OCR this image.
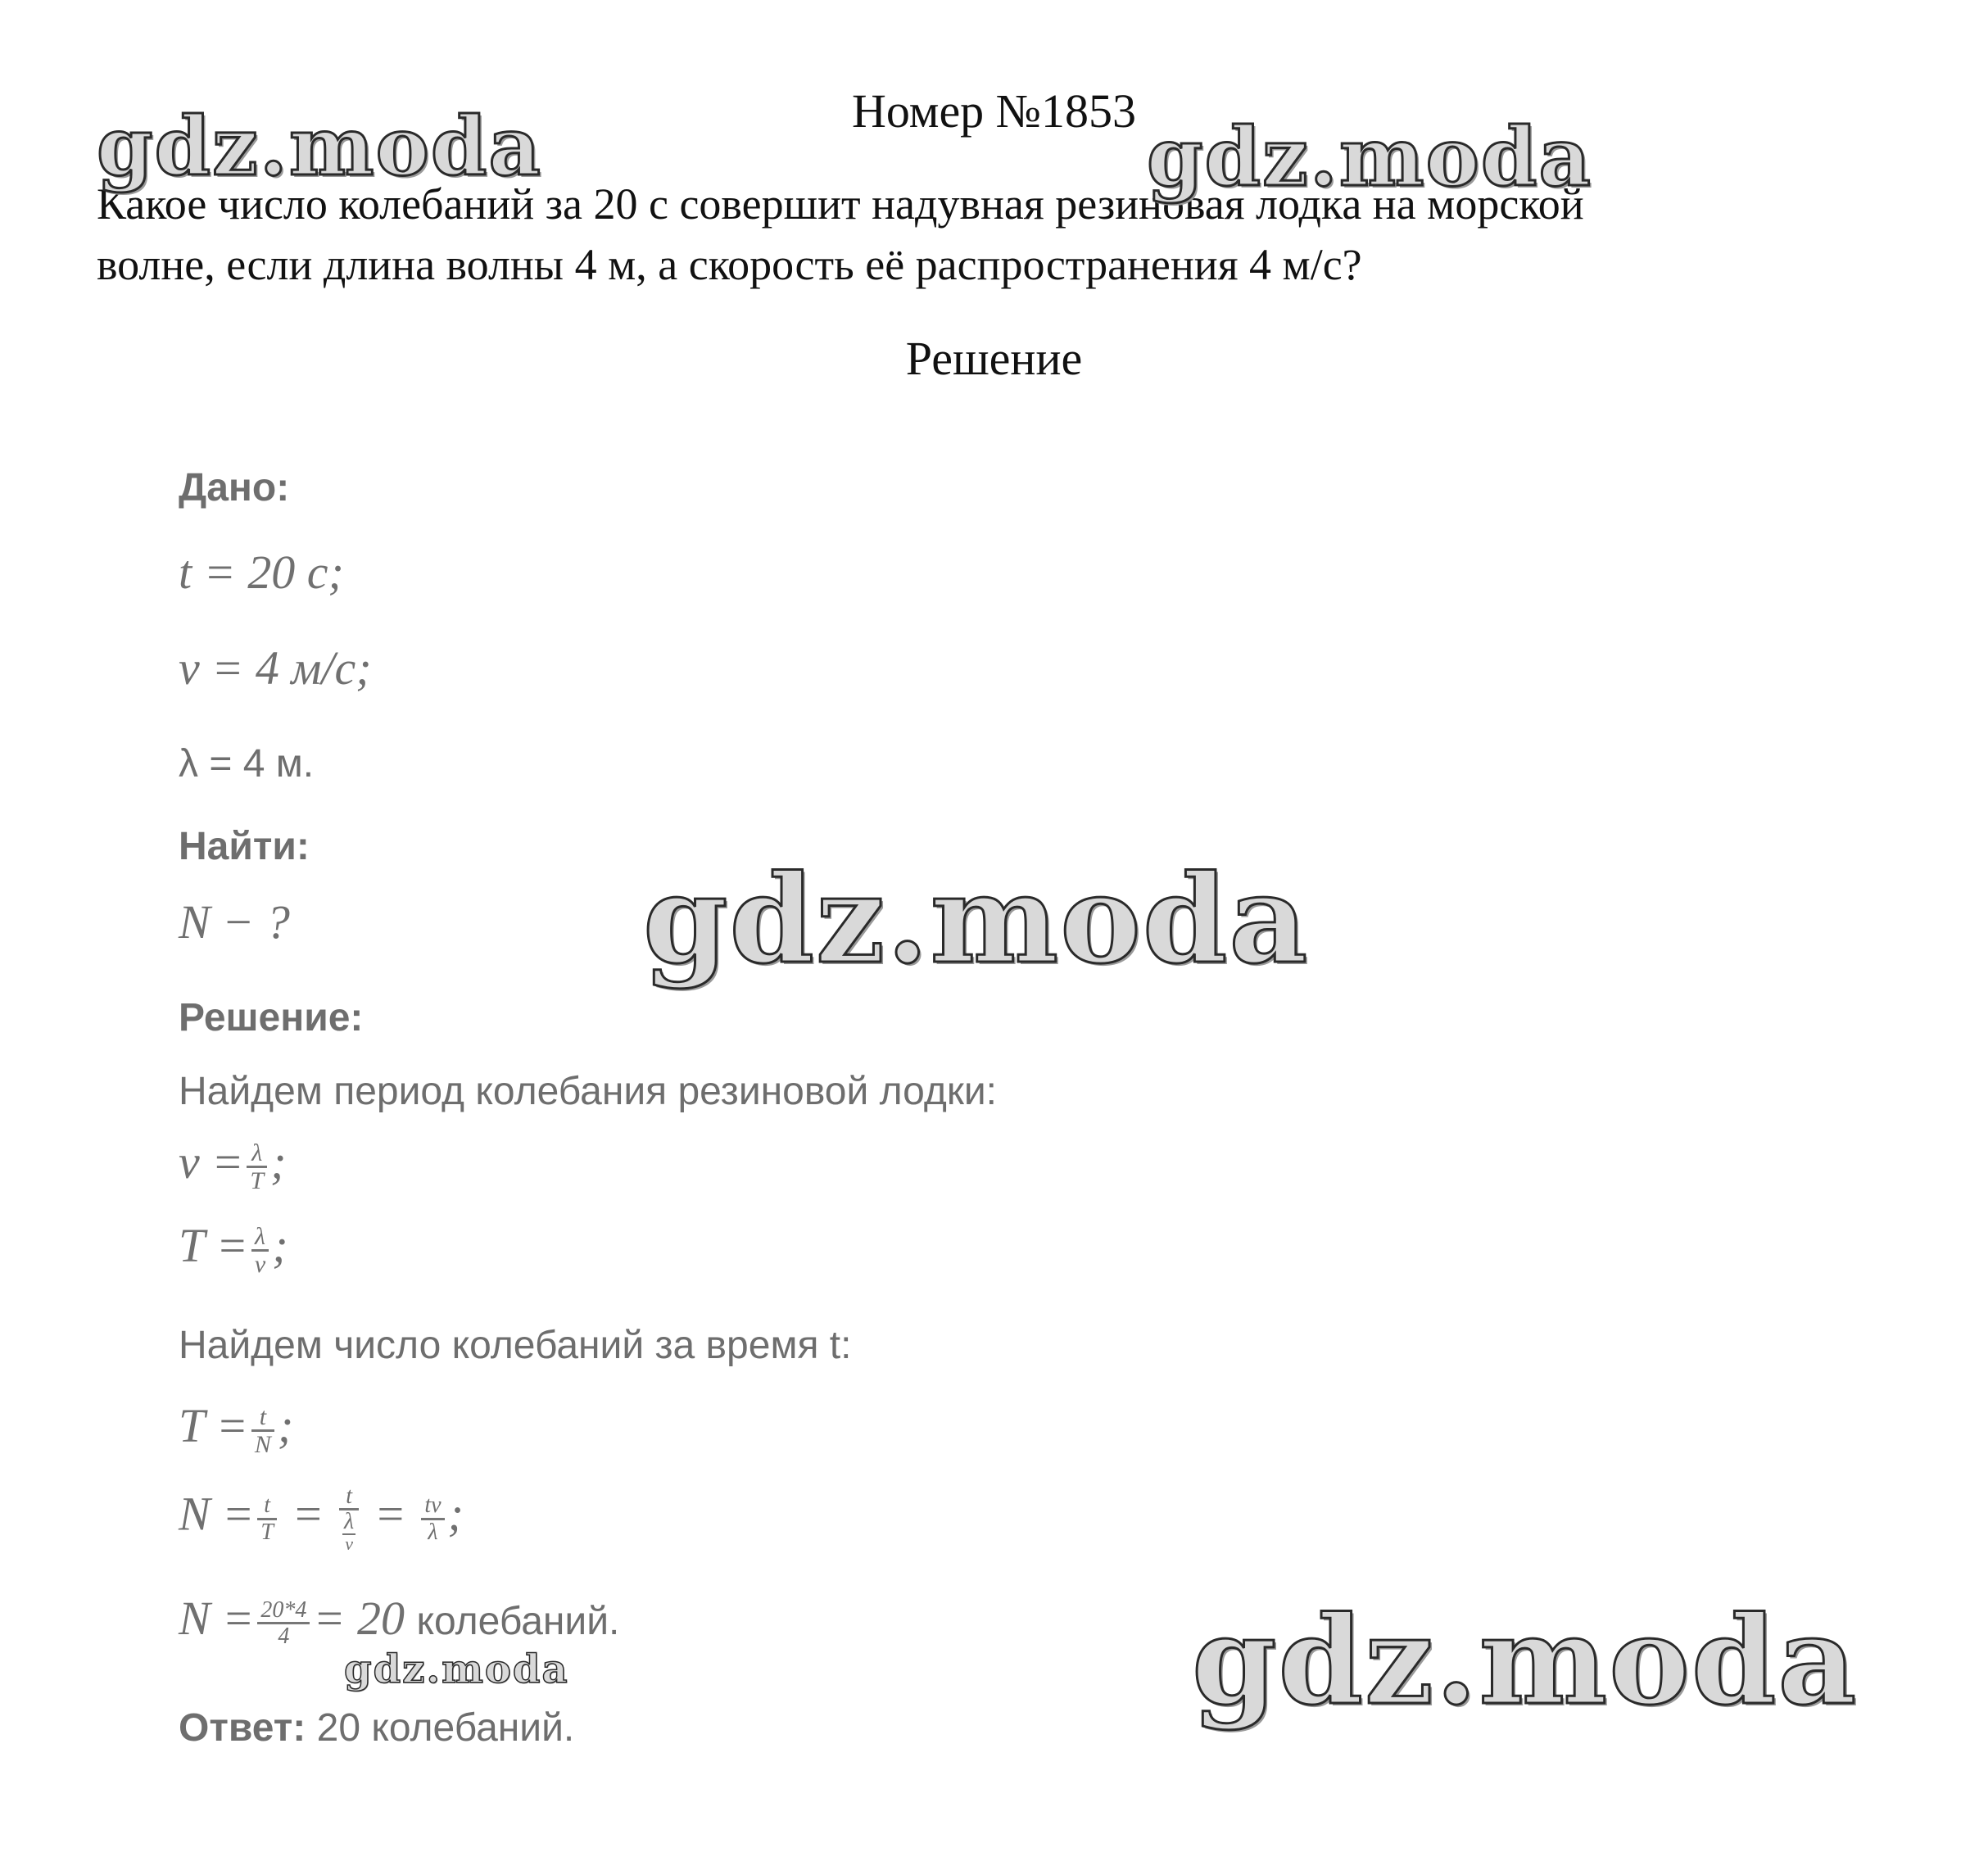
Номер №1853
Какое число колебаний за 20 с совершит надувная резиновая лодка на морской
волне, если длина волны 4 м, а скорость её распространения 4 м/с?
Решение
Дано:
t = 20 с;
v = 4 м/с;
λ = 4 м.
Найти:
N − ?
Решение:
Найдем период колебания резиновой лодки:
$v = \frac{\lambda}{T}$ ;
$T = \frac{\lambda}{v}$ ;
Найдем число колебаний за время t:
$T = \frac{t}{N}$ ;
$N = \frac{t}{T} = t$
λ
$v = \frac{tv}{\lambda}$ ;
$N = \frac{20*4}{4} = 20$ колебаний.
Ответ: 20 колебаний.
gdz.moda	gdz.moda
gdz.moda
gdz.moda
gdz.moda
